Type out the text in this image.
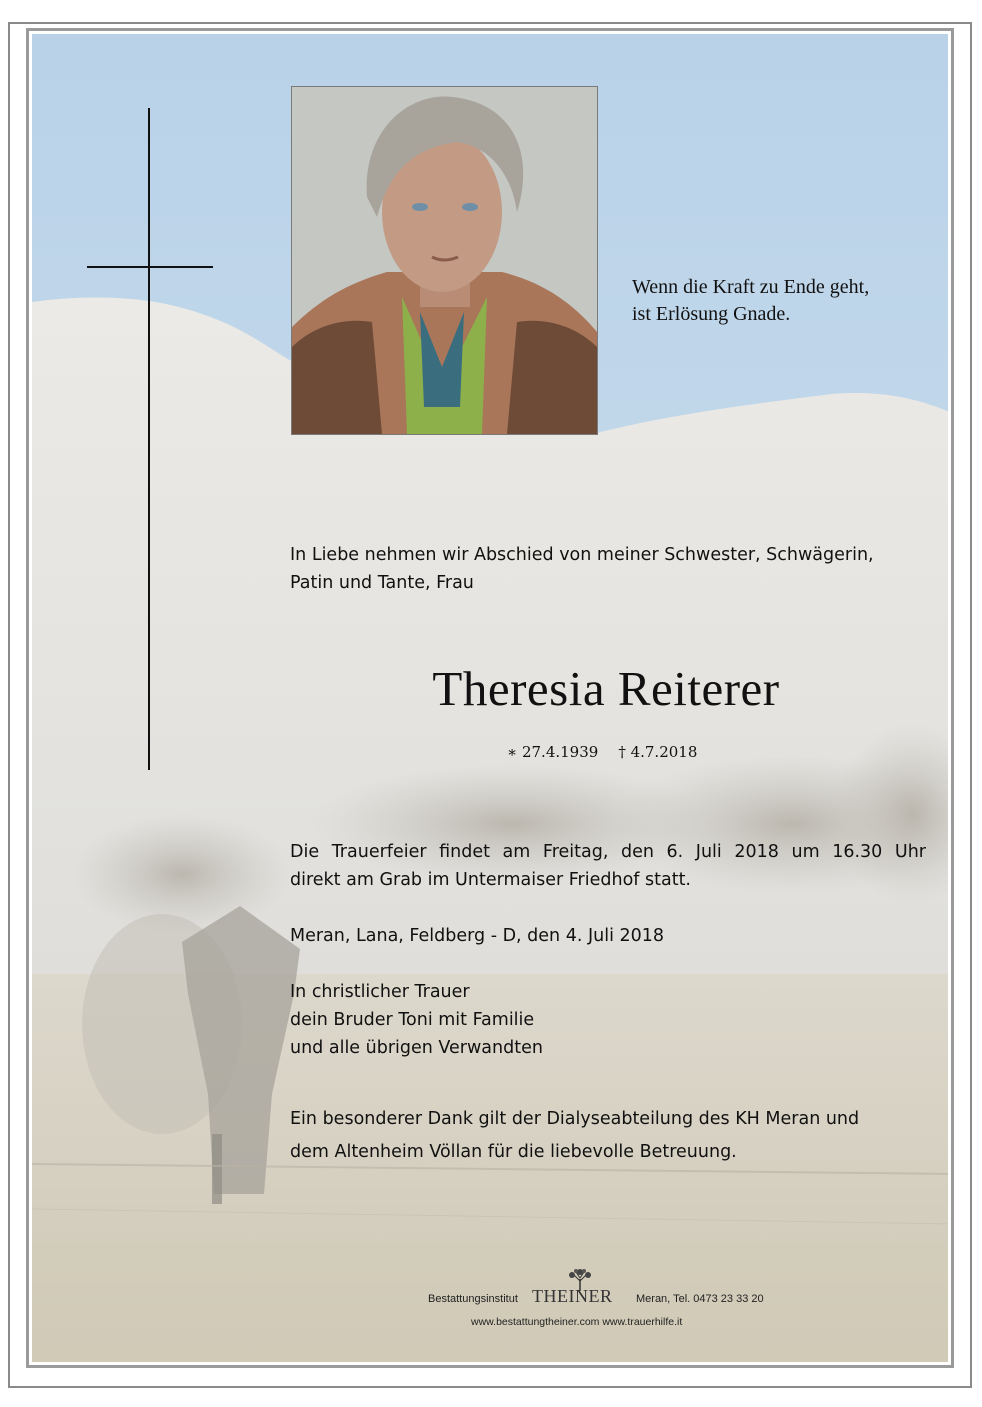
Wenn die Kraft zu Ende geht,
ist Erlösung Gnade.
In Liebe nehmen wir Abschied von meiner Schwester, Schwägerin,
Patin und Tante, Frau
Theresia Reiterer
∗ 27.4.1939 † 4.7.2018

Die Trauerfeier findet am Freitag, den 6. Juli 2018 um 16.30 Uhr

direkt am Grab im Untermaiser Friedhof statt.

Meran, Lana, Feldberg - D, den 4. Juli 2018
In christlicher Trauer
dein Bruder Toni mit Familie
und alle übrigen Verwandten
Ein besonderer Dank gilt der Dialyseabteilung des KH Meran und
dem Altenheim Völlan für die liebevolle Betreuung.
Bestattungsinstitut THEINER Meran, Tel. 0473 23 33 20
www.bestattungtheiner.com www.trauerhilfe.it
